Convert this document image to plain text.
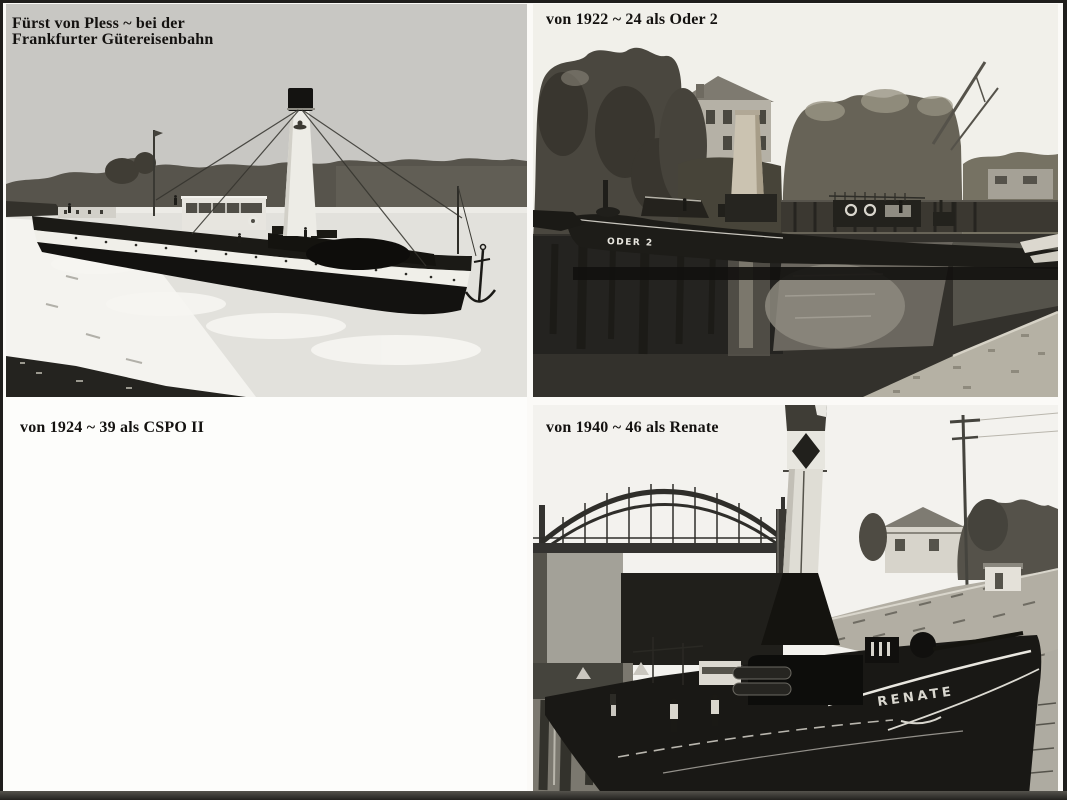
ODER 2
RENATE
Fürst von Pless ~ bei der
Frankfurter Gütereisenbahn
von 1922 ~ 24 als Oder 2
von 1924 ~ 39 als CSPO II	von 1940 ~ 46 als Renate
